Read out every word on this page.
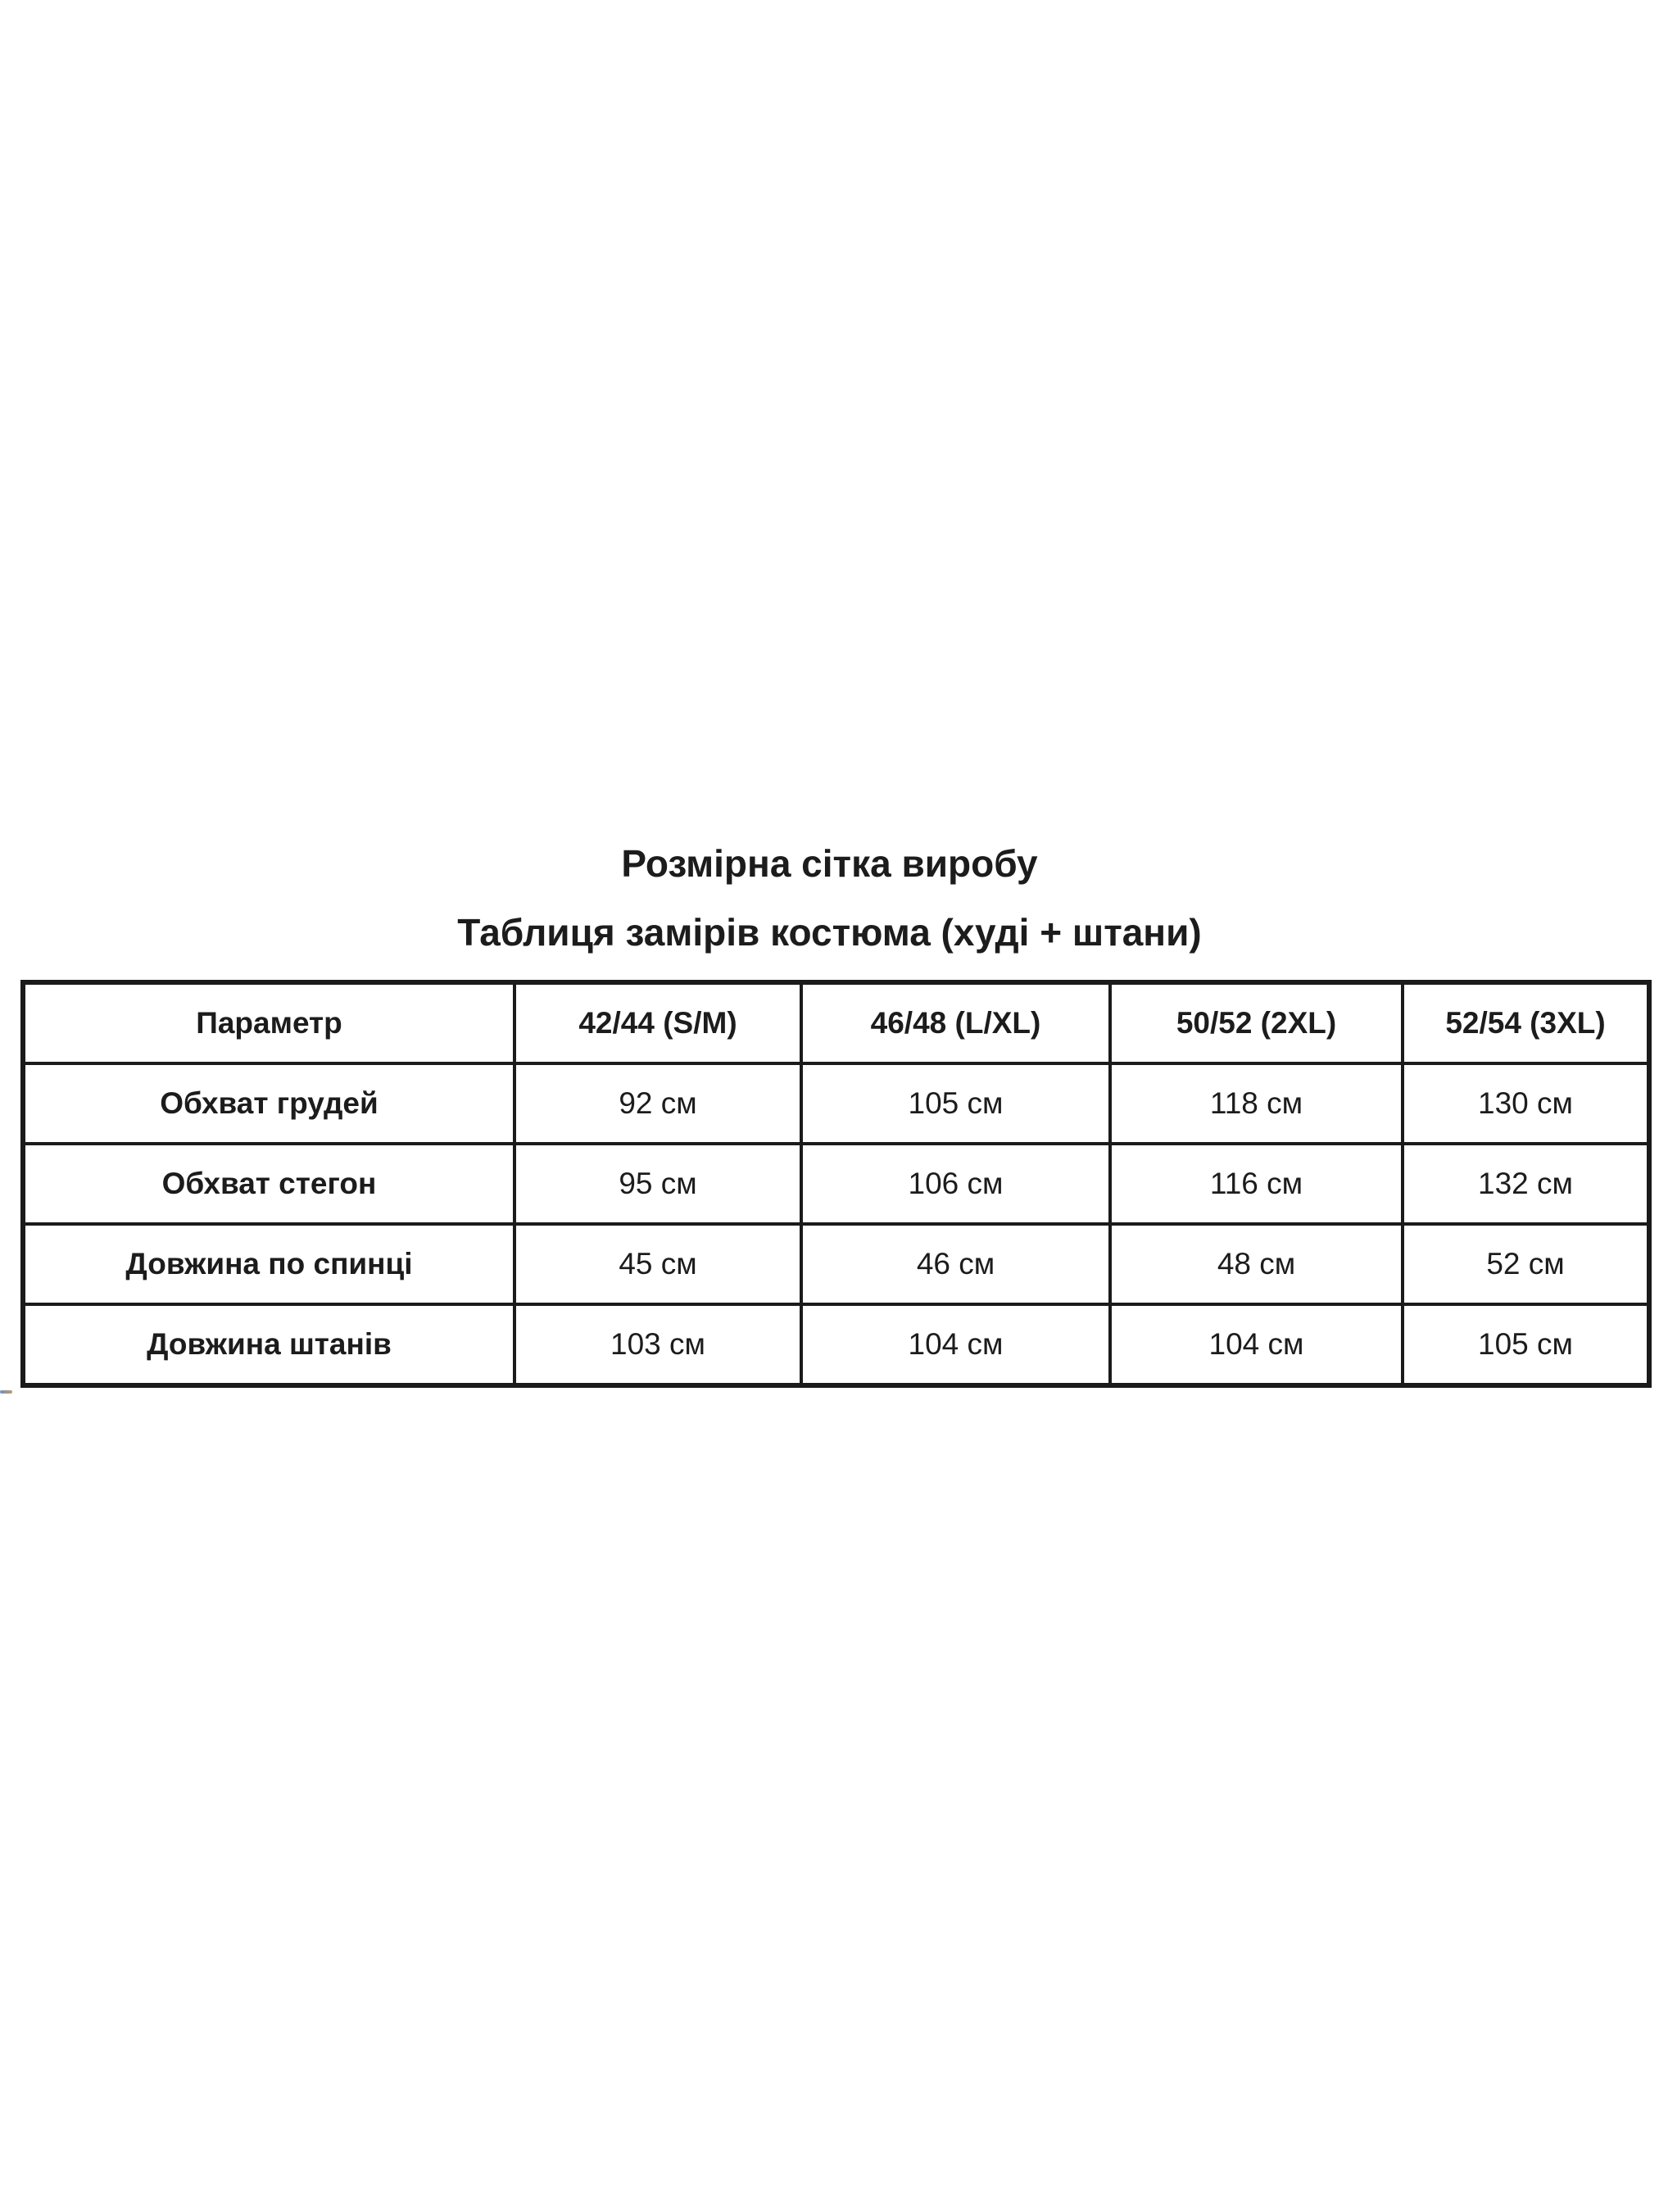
Розмірна сітка виробу
Таблиця замірів костюма (худі + штани)
Параметр	42/44 (S/M)	46/48 (L/XL)	50/52 (2XL)	52/54 (3XL)
Обхват грудей	92 см	105 см	118 см	130 см
Обхват стегон	95 см	106 см	116 см	132 см
Довжина по спинці	45 см	46 см	48 см	52 см
Довжина штанів	103 см	104 см	104 см	105 см
